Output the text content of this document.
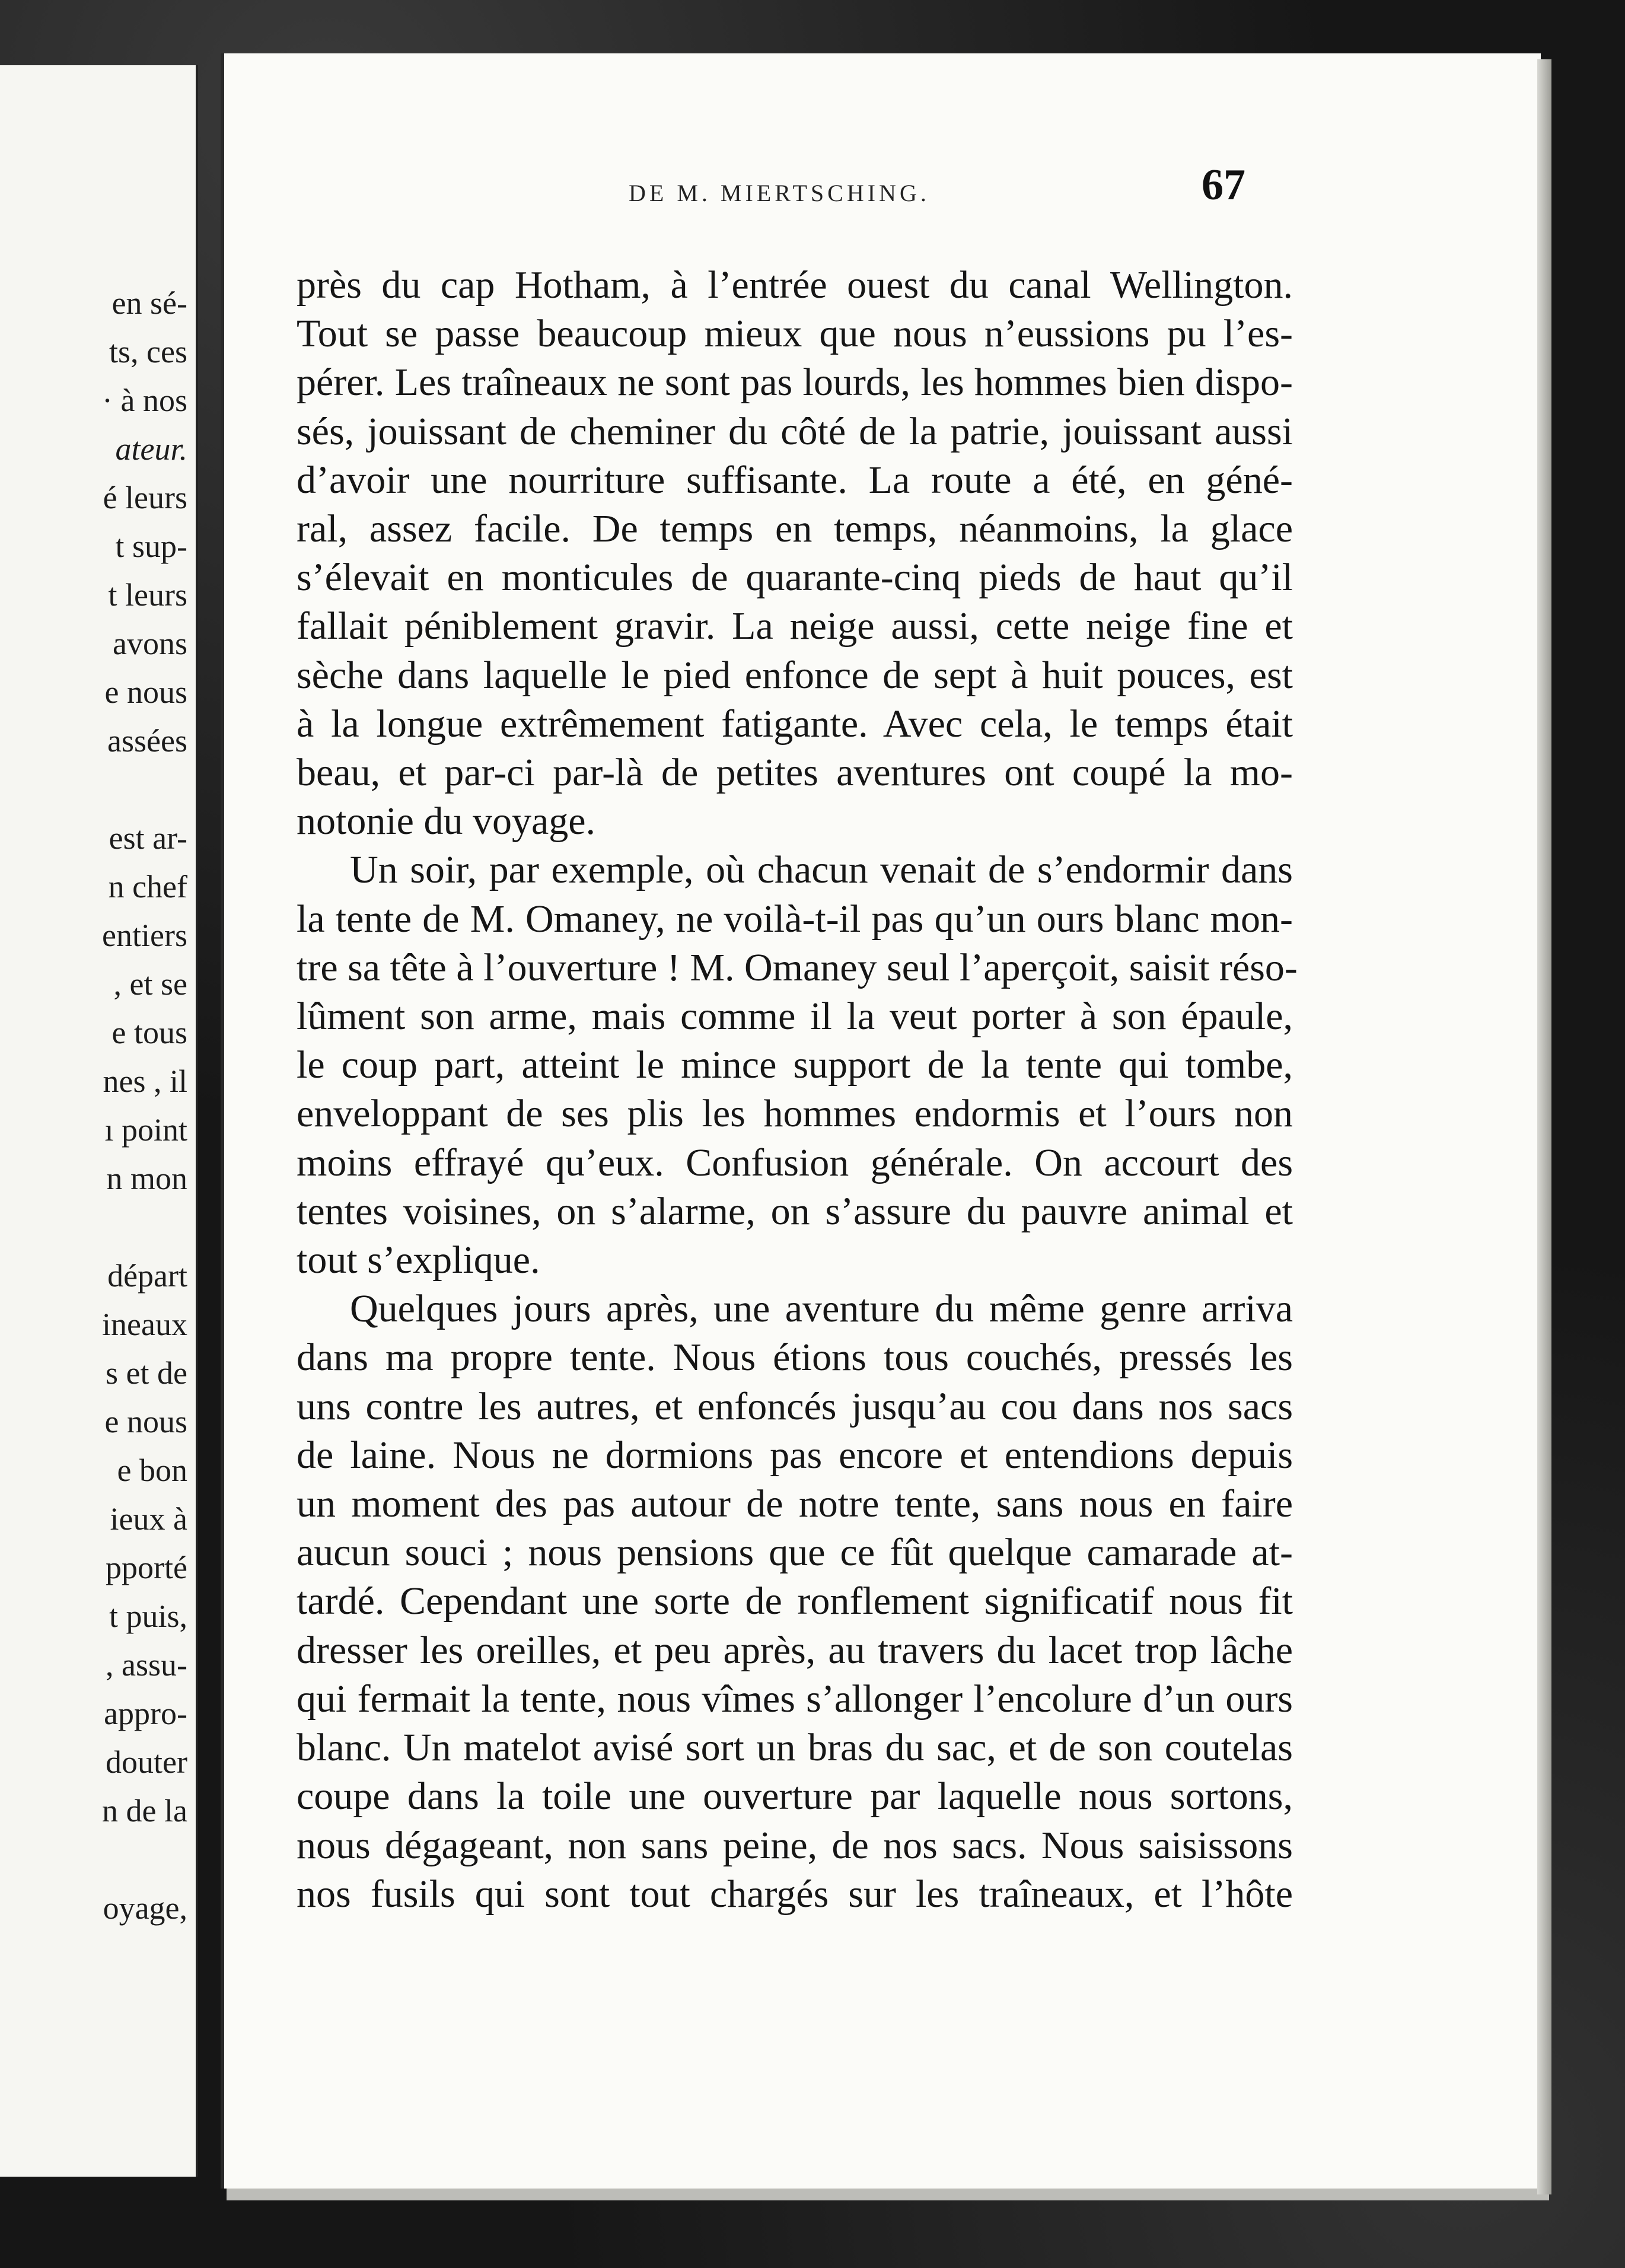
en sé-
ts, ces
· à nos
ateur.
é leurs
t sup-
t leurs
avons
e nous
assées
est ar-
n chef
entiers
, et se
e tous
nes , il
ı point
n mon
départ
ineaux
s et de
e nous
e bon
ieux à
pporté
t puis,
, assu-
appro-
douter
n de la
oyage,
DE M. MIERTSCHING.	67
près du cap Hotham, à l’entrée ouest du canal Wellington.
Tout se passe beaucoup mieux que nous n’eussions pu l’es-
pérer. Les traîneaux ne sont pas lourds, les hommes bien dispo-
sés, jouissant de cheminer du côté de la patrie, jouissant aussi
d’avoir une nourriture suffisante. La route a été, en géné-
ral, assez facile. De temps en temps, néanmoins, la glace
s’élevait en monticules de quarante-cinq pieds de haut qu’il
fallait péniblement gravir. La neige aussi, cette neige fine et
sèche dans laquelle le pied enfonce de sept à huit pouces, est
à la longue extrêmement fatigante. Avec cela, le temps était
beau, et par-ci par-là de petites aventures ont coupé la mo-
notonie du voyage.
Un soir, par exemple, où chacun venait de s’endormir dans
la tente de M. Omaney, ne voilà-t-il pas qu’un ours blanc mon-
tre sa tête à l’ouverture ! M. Omaney seul l’aperçoit, saisit réso-
lûment son arme, mais comme il la veut porter à son épaule,
le coup part, atteint le mince support de la tente qui tombe,
enveloppant de ses plis les hommes endormis et l’ours non
moins effrayé qu’eux. Confusion générale. On accourt des
tentes voisines, on s’alarme, on s’assure du pauvre animal et
tout s’explique.
Quelques jours après, une aventure du même genre arriva
dans ma propre tente. Nous étions tous couchés, pressés les
uns contre les autres, et enfoncés jusqu’au cou dans nos sacs
de laine. Nous ne dormions pas encore et entendions depuis
un moment des pas autour de notre tente, sans nous en faire
aucun souci ; nous pensions que ce fût quelque camarade at-
tardé. Cependant une sorte de ronflement significatif nous fit
dresser les oreilles, et peu après, au travers du lacet trop lâche
qui fermait la tente, nous vîmes s’allonger l’encolure d’un ours
blanc. Un matelot avisé sort un bras du sac, et de son coutelas
coupe dans la toile une ouverture par laquelle nous sortons,
nous dégageant, non sans peine, de nos sacs. Nous saisissons
nos fusils qui sont tout chargés sur les traîneaux, et l’hôte
